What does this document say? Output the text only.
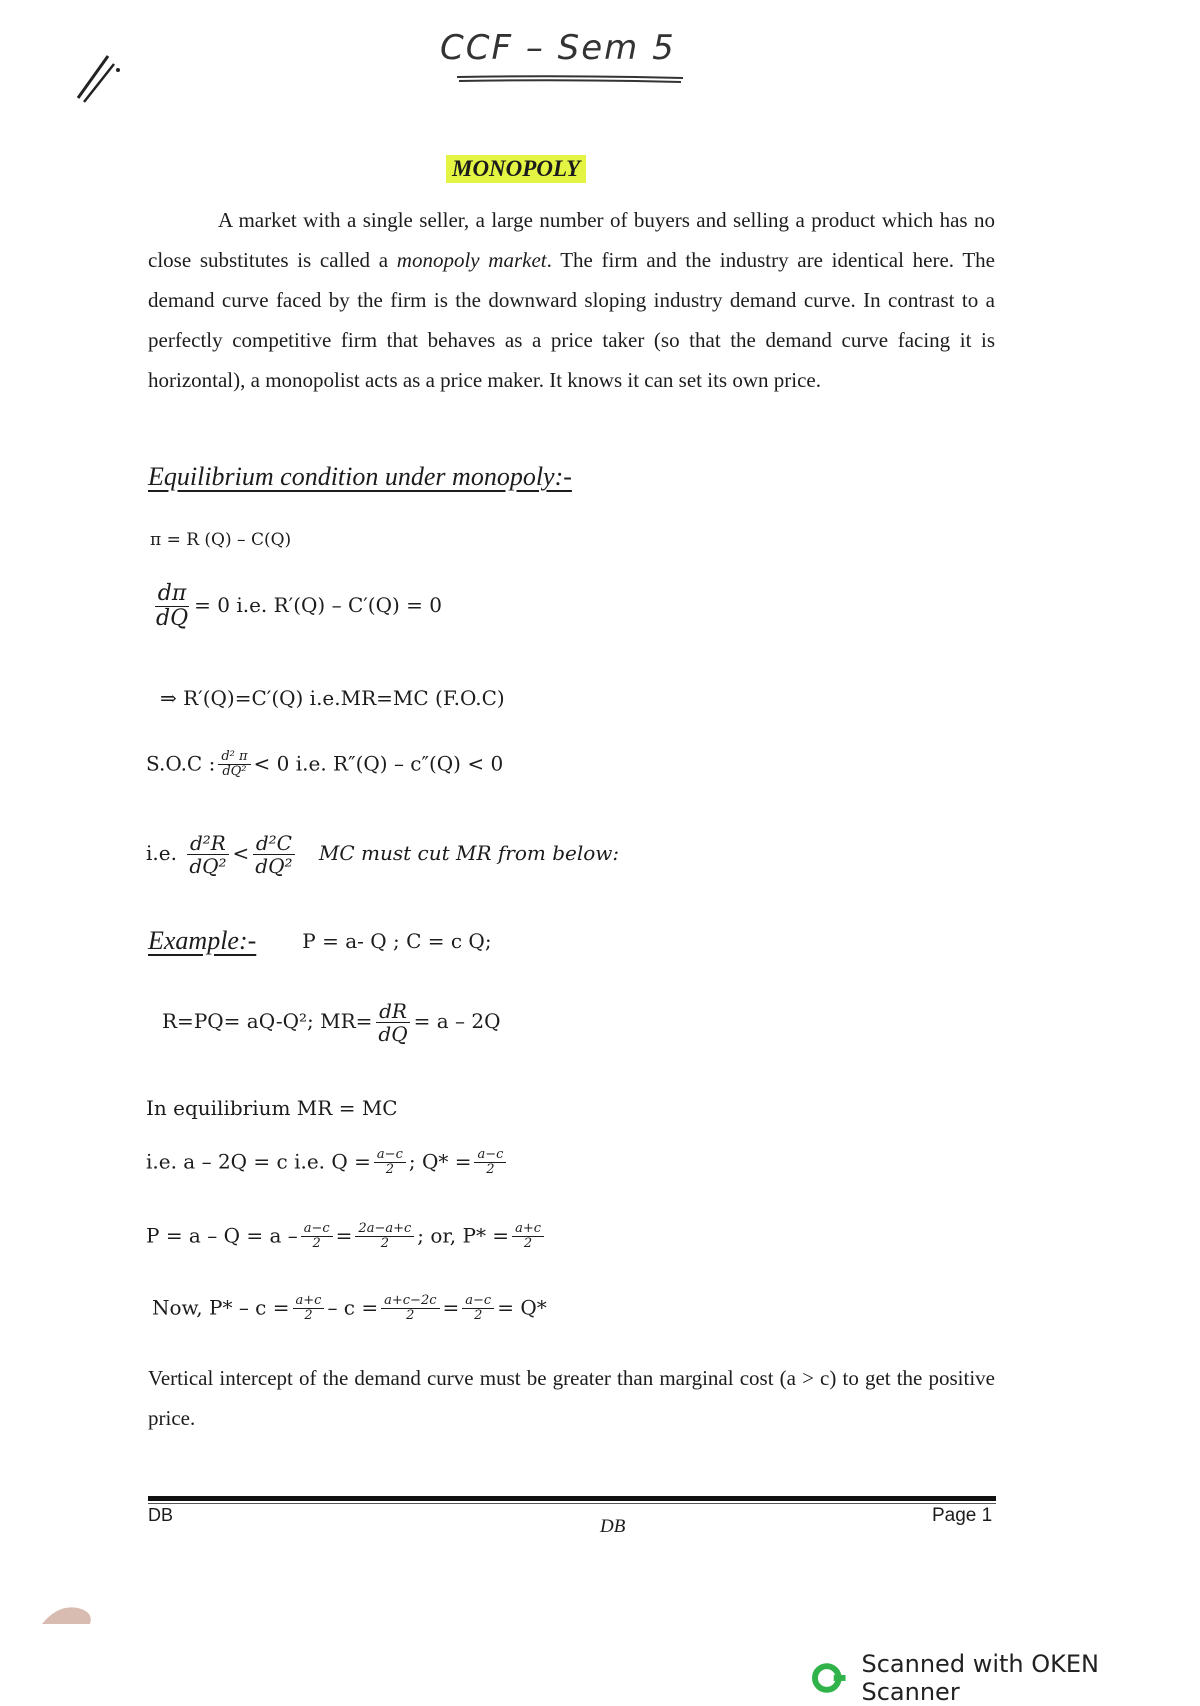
CCF – Sem 5
MONOPOLY
A market with a single seller, a large number of buyers and selling a product which has no close substitutes is called a monopoly market. The firm and the industry are identical here. The demand curve faced by the firm is the downward sloping industry demand curve. In contrast to a perfectly competitive firm that behaves as a price taker (so that the demand curve facing it is horizontal), a monopolist acts as a price maker. It knows it can set its own price.
Equilibrium condition under monopoly:-
π = R (Q) – C(Q)
$\frac{d\pi}{dQ} = 0$ i.e. R′(Q) – C′(Q) = 0
⇒ R′(Q)=C′(Q) i.e.MR=MC (F.O.C)
S.O.C : $\frac{\text{d² π}}{\text{dQ²}} < 0$ i.e. R″(Q) – c″(Q) < 0
i.e. $\frac{\text{d²R}}{\text{dQ²}} < \frac{\text{d²C}}{\text{dQ²}}$ MC must cut MR from below:
Example:- P = a- Q ; C = c Q;
R=PQ= aQ-Q²; $MR= \frac{dR}{dQ} = a - 2Q$
In equilibrium MR = MC
i.e. a – 2Q = c i.e. $Q = \frac{a-c}{2}$ ; $Q* = \frac{a-c}{2}$
$P = a - Q = a - \frac{a-c}{2} = \frac{2a-a+c}{2}$ ; or, $P* = \frac{a+c}{2}$
Now, $P* - c = \frac{a+c}{2} - c = \frac{a+c-2c}{2} = \frac{a-c}{2} = Q*$
Vertical intercept of the demand curve must be greater than marginal cost (a > c) to get the positive price.
DB
DB
Page 1
Scanned with OKEN Scanner
